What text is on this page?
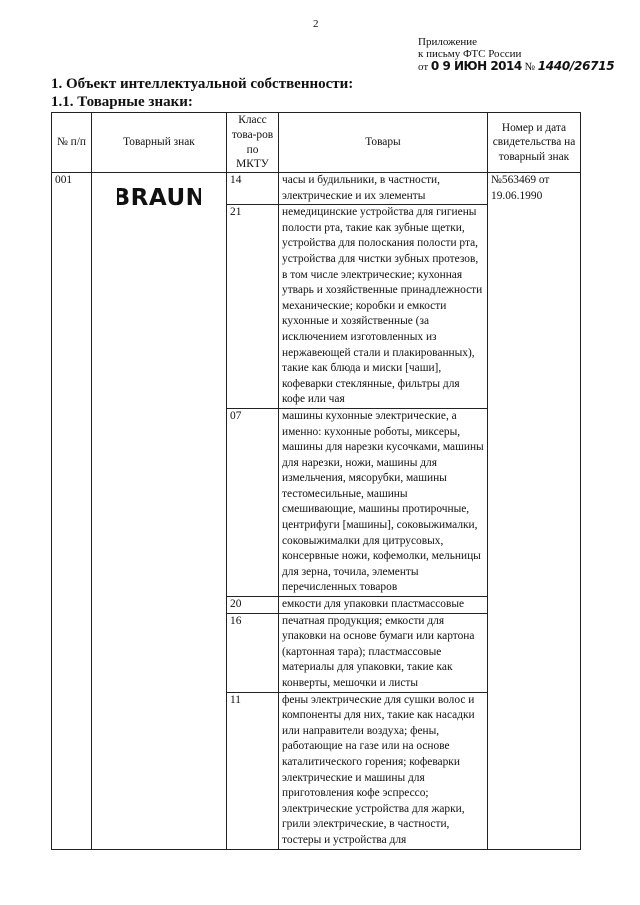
2
Приложение
к письму ФТС России
от 0 9 ИЮН 2014 № 1440/26715
1. Объект интеллектуальной собственности:
1.1. Товарные знаки:
№ п/п	Товарный знак	Класс това-ров по МКТУ	Товары	Номер и дата свидетельства на товарный знак
001	BRAUN	14	часы и будильники, в частности, электрические и их элементы	№563469 от 19.06.1990
		21	немедицинские устройства для гигиены полости рта, такие как зубные щетки, устройства для полоскания полости рта, устройства для чистки зубных протезов, в том числе электрические; кухонная утварь и хозяйственные принадлежности механические; коробки и емкости кухонные и хозяйственные (за исключением изготовленных из нержавеющей стали и плакированных), такие как блюда и миски [чаши], кофеварки стеклянные, фильтры для кофе или чая	
		07	машины кухонные электрические, а именно: кухонные роботы, миксеры, машины для нарезки кусочками, машины для нарезки, ножи, машины для измельчения, мясорубки, машины тестомесильные, машины смешивающие, машины протирочные, центрифуги [машины], соковыжималки, соковыжималки для цитрусовых, консервные ножи, кофемолки, мельницы для зерна, точила, элементы перечисленных товаров	
		20	емкости для упаковки пластмассовые	
		16	печатная продукция; емкости для упаковки на основе бумаги или картона (картонная тара); пластмассовые материалы для упаковки, такие как конверты, мешочки и листы	
		11	фены электрические для сушки волос и компоненты для них, такие как насадки или направители воздуха; фены, работающие на газе или на основе каталитического горения; кофеварки электрические и машины для приготовления кофе эспрессо; электрические устройства для жарки, грили электрические, в частности, тостеры и устройства для	
